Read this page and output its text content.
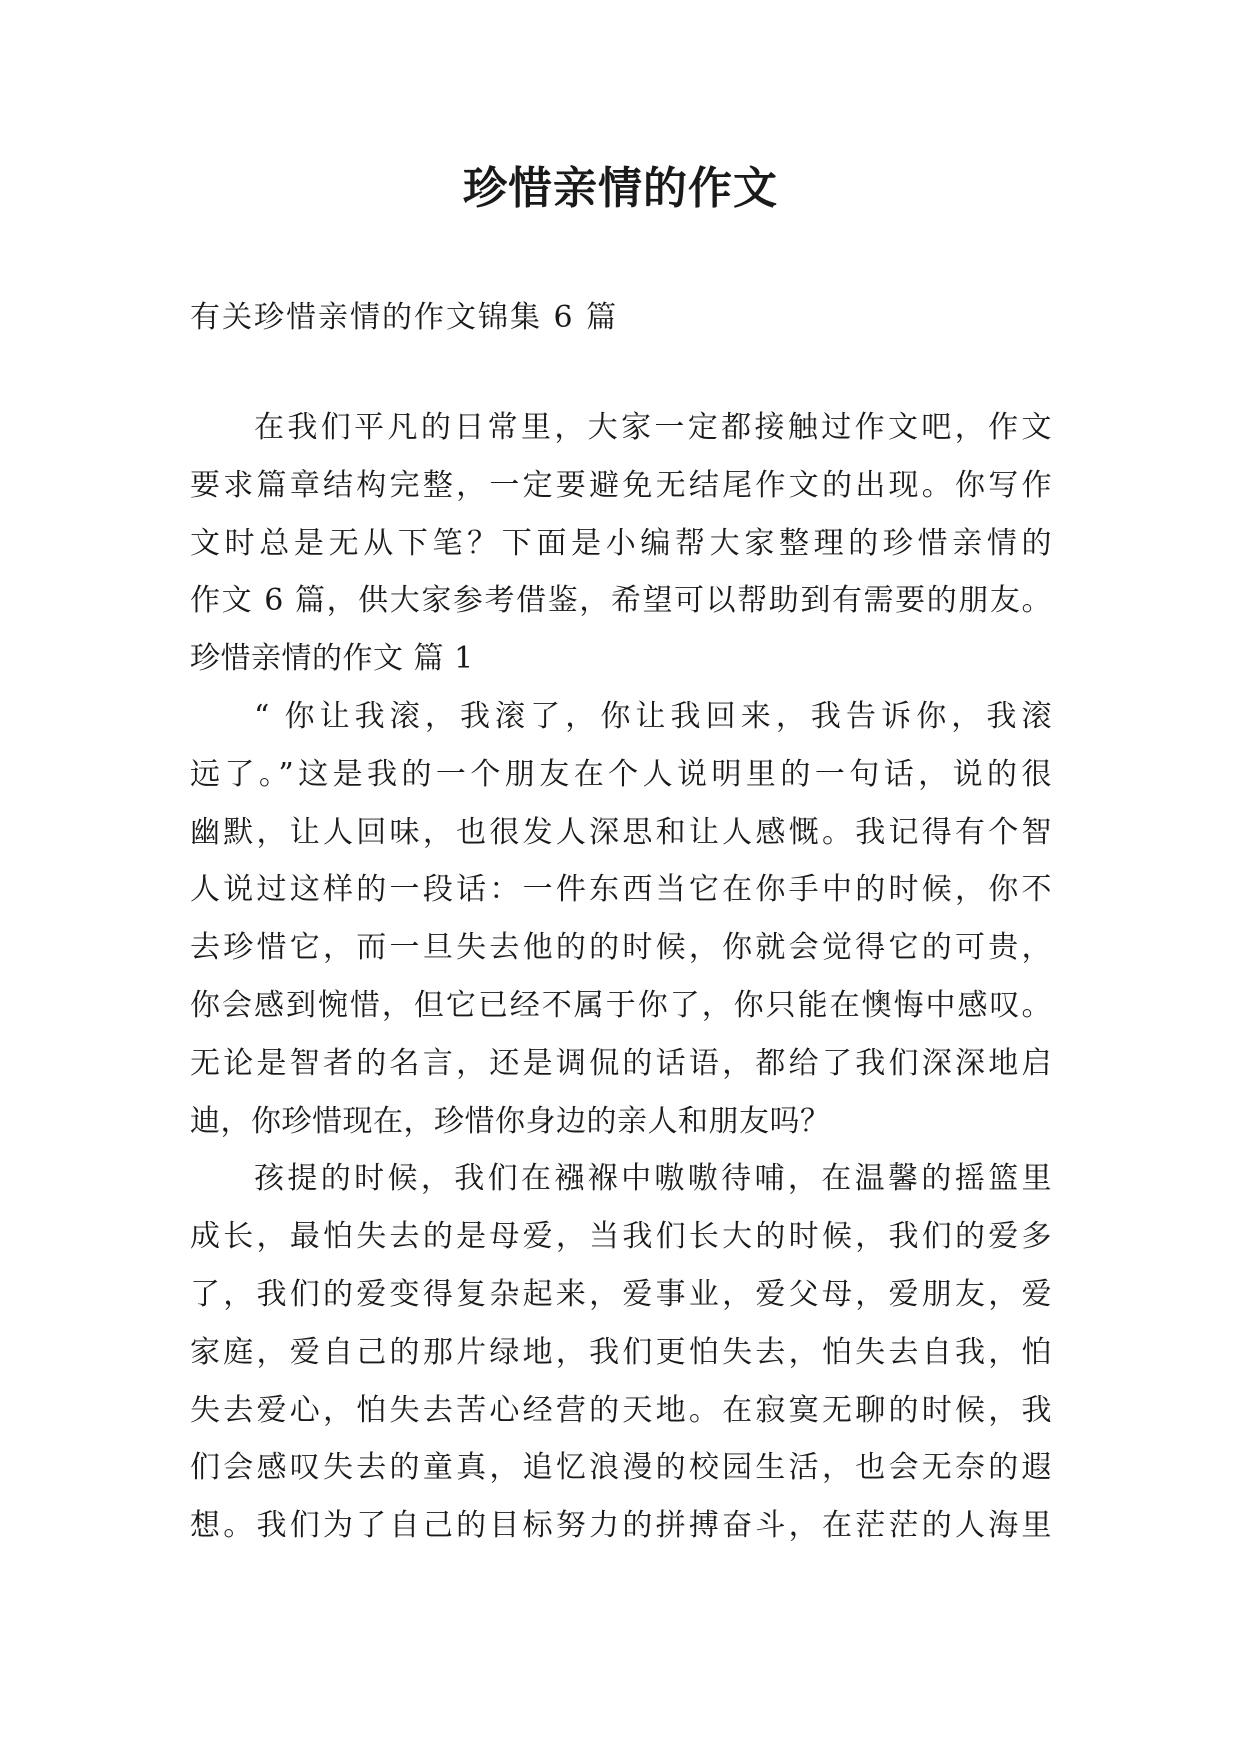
珍惜亲情的作文

有关珍惜亲情的作文锦集 6 篇

在我们平凡的日常里，大家一定都接触过作文吧，作文
要求篇章结构完整，一定要避免无结尾作文的出现。你写作
文时总是无从下笔？下面是小编帮大家整理的珍惜亲情的
作文 6 篇，供大家参考借鉴，希望可以帮助到有需要的朋友。
珍惜亲情的作文 篇 1
“ 你让我滚，我滚了，你让我回来，我告诉你，我滚
远了。”这是我的一个朋友在个人说明里的一句话，说的很
幽默，让人回味，也很发人深思和让人感慨。我记得有个智
人说过这样的一段话：一件东西当它在你手中的时候，你不
去珍惜它，而一旦失去他的的时候，你就会觉得它的可贵，
你会感到惋惜，但它已经不属于你了，你只能在懊悔中感叹。
无论是智者的名言，还是调侃的话语，都给了我们深深地启
迪，你珍惜现在，珍惜你身边的亲人和朋友吗？
孩提的时候，我们在襁褓中嗷嗷待哺，在温馨的摇篮里
成长，最怕失去的是母爱，当我们长大的时候，我们的爱多
了，我们的爱变得复杂起来，爱事业，爱父母，爱朋友，爱
家庭，爱自己的那片绿地，我们更怕失去，怕失去自我，怕
失去爱心，怕失去苦心经营的天地。在寂寞无聊的时候，我
们会感叹失去的童真，追忆浪漫的校园生活，也会无奈的遐
想。我们为了自己的目标努力的拼搏奋斗，在茫茫的人海里
